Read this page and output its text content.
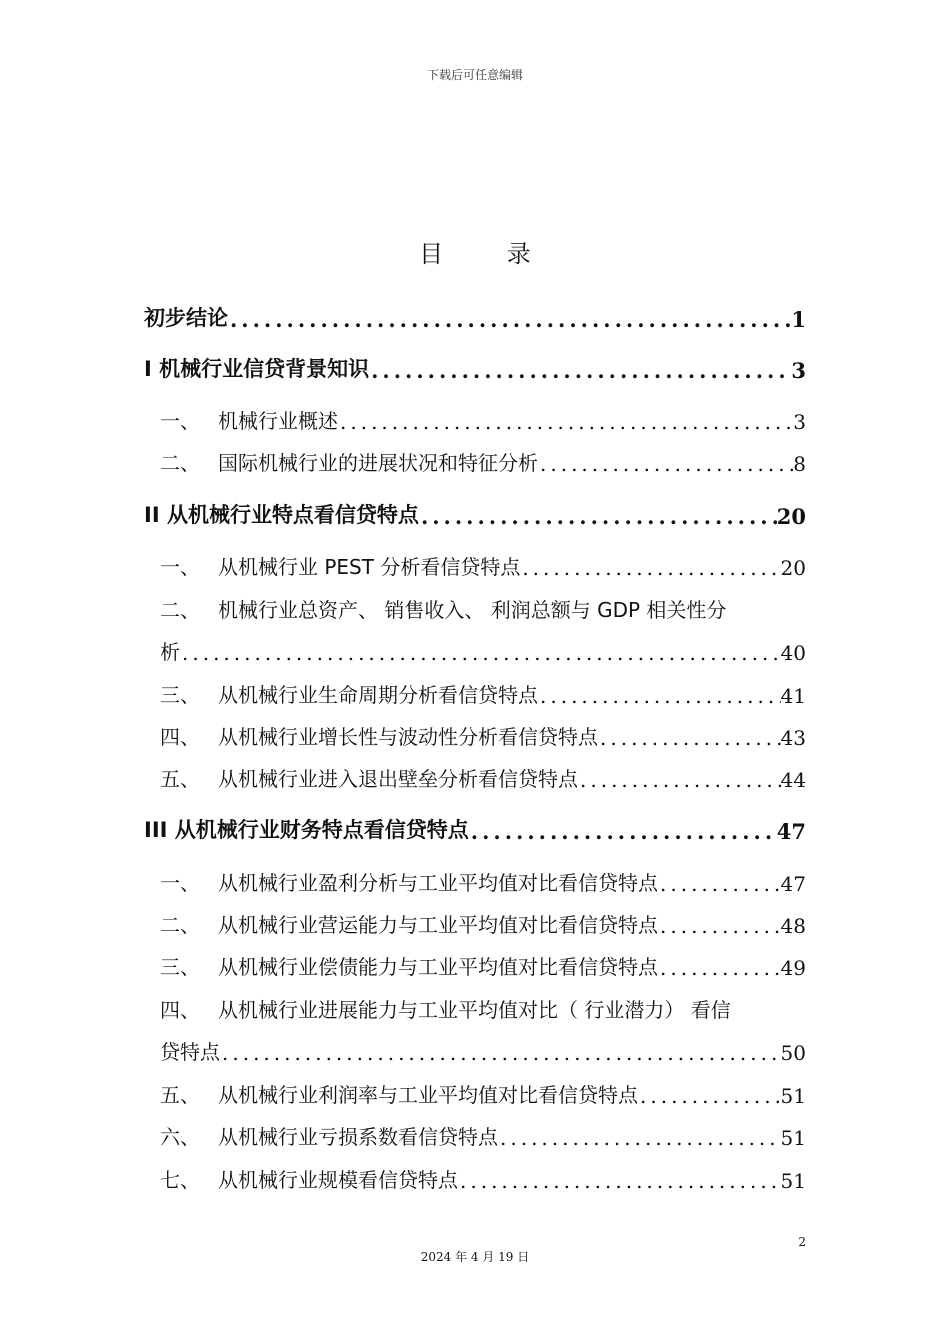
下载后可任意编辑
目 录
初步结论 .....	1
I 机械行业信贷背景知识 .....	3
一、 机械行业概述 .....	3
二、 国际机械行业的进展状况和特征分析 .....	8
II 从机械行业特点看信贷特点 .....	20
一、 从机械行业 PEST 分析看信贷特点 .....	20
二、 机械行业总资产、 销售收入、 利润总额与 GDP 相关性分
析 .....	40
三、 从机械行业生命周期分析看信贷特点 .....	41
四、 从机械行业增长性与波动性分析看信贷特点 .....	43
五、 从机械行业进入退出壁垒分析看信贷特点 .....	44
III 从机械行业财务特点看信贷特点 .....	47
一、 从机械行业盈利分析与工业平均值对比看信贷特点 .....	47
二、 从机械行业营运能力与工业平均值对比看信贷特点 .....	48
三、 从机械行业偿债能力与工业平均值对比看信贷特点 .....	49
四、 从机械行业进展能力与工业平均值对比（ 行业潜力） 看信
贷特点 .....	50
五、 从机械行业利润率与工业平均值对比看信贷特点 .....	51
六、 从机械行业亏损系数看信贷特点 .....	51
七、 从机械行业规模看信贷特点 .....	51
2
2024 年 4 月 19 日
